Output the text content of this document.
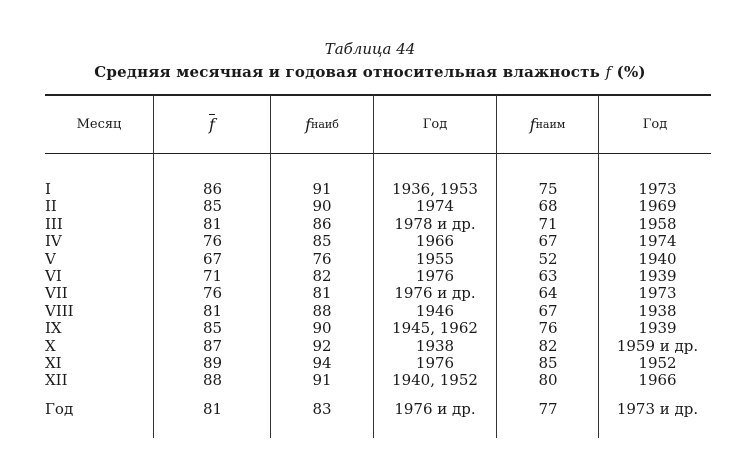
Таблица 44
Средняя месячная и годовая относительная влажность f (%)
Месяц	$\overline{f}$	f наиб	Год	f наим	Год
I	86	91	1936, 1953	75	1973
II	85	90	1974	68	1969
III	81	86	1978 и др.	71	1958
IV	76	85	1966	67	1974
V	67	76	1955	52	1940
VI	71	82	1976	63	1939
VII	76	81	1976 и др.	64	1973
VIII	81	88	1946	67	1938
IX	85	90	1945, 1962	76	1939
X	87	92	1938	82	1959 и др.
XI	89	94	1976	85	1952
XII	88	91	1940, 1952	80	1966
Год	81	83	1976 и др.	77	1973 и др.
